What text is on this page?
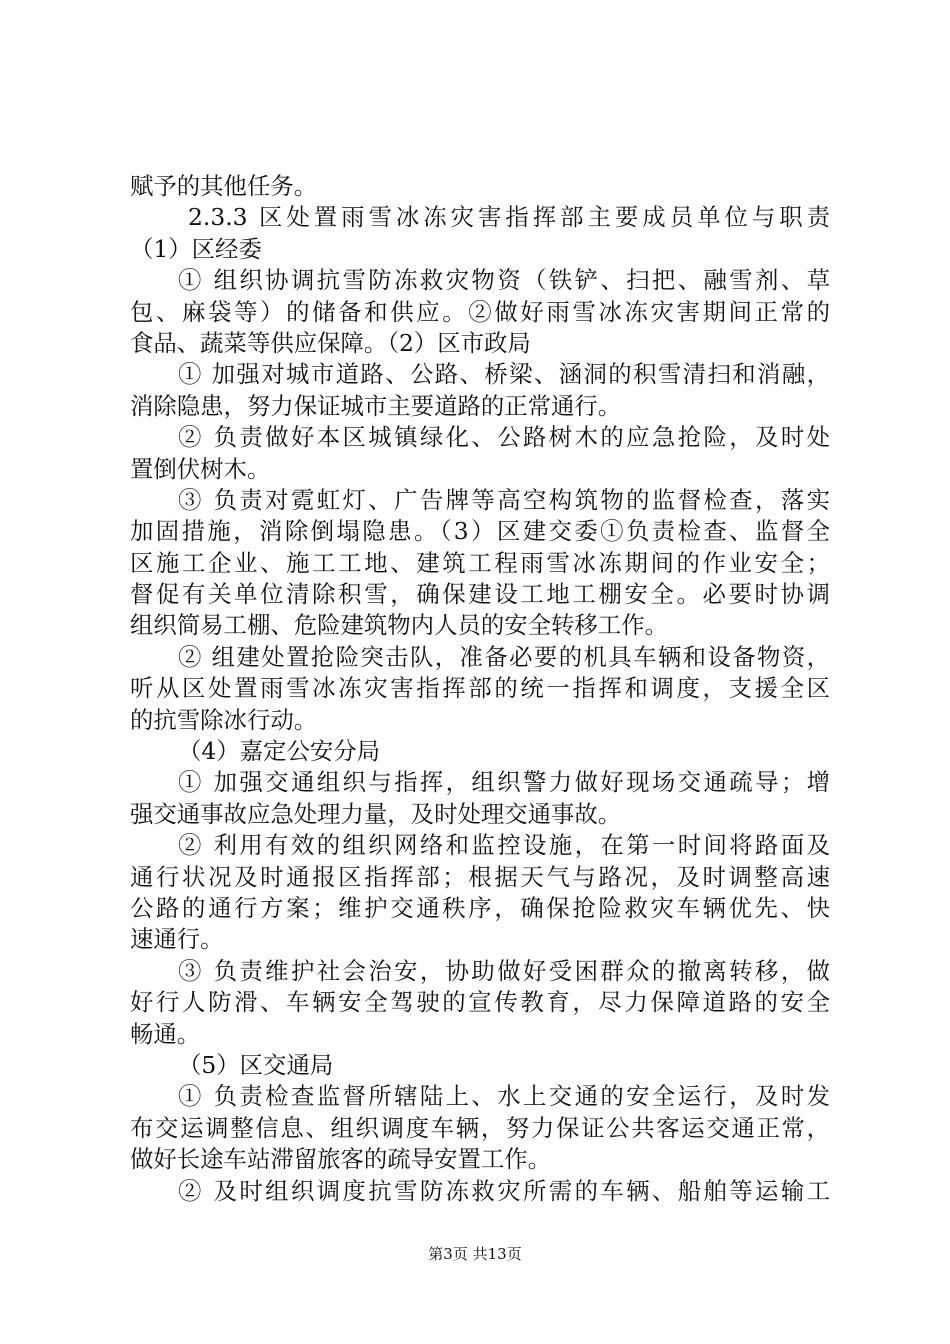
赋予的其他任务。
2.3.3 区处置雨雪冰冻灾害指挥部主要成员单位与职责
（1）区经委
① 组织协调抗雪防冻救灾物资（铁铲、扫把、融雪剂、草
包、麻袋等）的储备和供应。②做好雨雪冰冻灾害期间正常的
食品、蔬菜等供应保障。（2）区市政局
① 加强对城市道路、公路、桥梁、涵洞的积雪清扫和消融，
消除隐患，努力保证城市主要道路的正常通行。
② 负责做好本区城镇绿化、公路树木的应急抢险，及时处
置倒伏树木。
③ 负责对霓虹灯、广告牌等高空构筑物的监督检查，落实
加固措施，消除倒塌隐患。（3）区建交委①负责检查、监督全
区施工企业、施工工地、建筑工程雨雪冰冻期间的作业安全；
督促有关单位清除积雪，确保建设工地工棚安全。必要时协调
组织简易工棚、危险建筑物内人员的安全转移工作。
② 组建处置抢险突击队，准备必要的机具车辆和设备物资，
听从区处置雨雪冰冻灾害指挥部的统一指挥和调度，支援全区
的抗雪除冰行动。
（4）嘉定公安分局
① 加强交通组织与指挥，组织警力做好现场交通疏导；增
强交通事故应急处理力量，及时处理交通事故。
② 利用有效的组织网络和监控设施，在第一时间将路面及
通行状况及时通报区指挥部；根据天气与路况，及时调整高速
公路的通行方案；维护交通秩序，确保抢险救灾车辆优先、快
速通行。
③ 负责维护社会治安，协助做好受困群众的撤离转移，做
好行人防滑、车辆安全驾驶的宣传教育，尽力保障道路的安全
畅通。
（5）区交通局
① 负责检查监督所辖陆上、水上交通的安全运行，及时发
布交运调整信息、组织调度车辆，努力保证公共客运交通正常，
做好长途车站滞留旅客的疏导安置工作。
② 及时组织调度抗雪防冻救灾所需的车辆、船舶等运输工
第3页 共13页
